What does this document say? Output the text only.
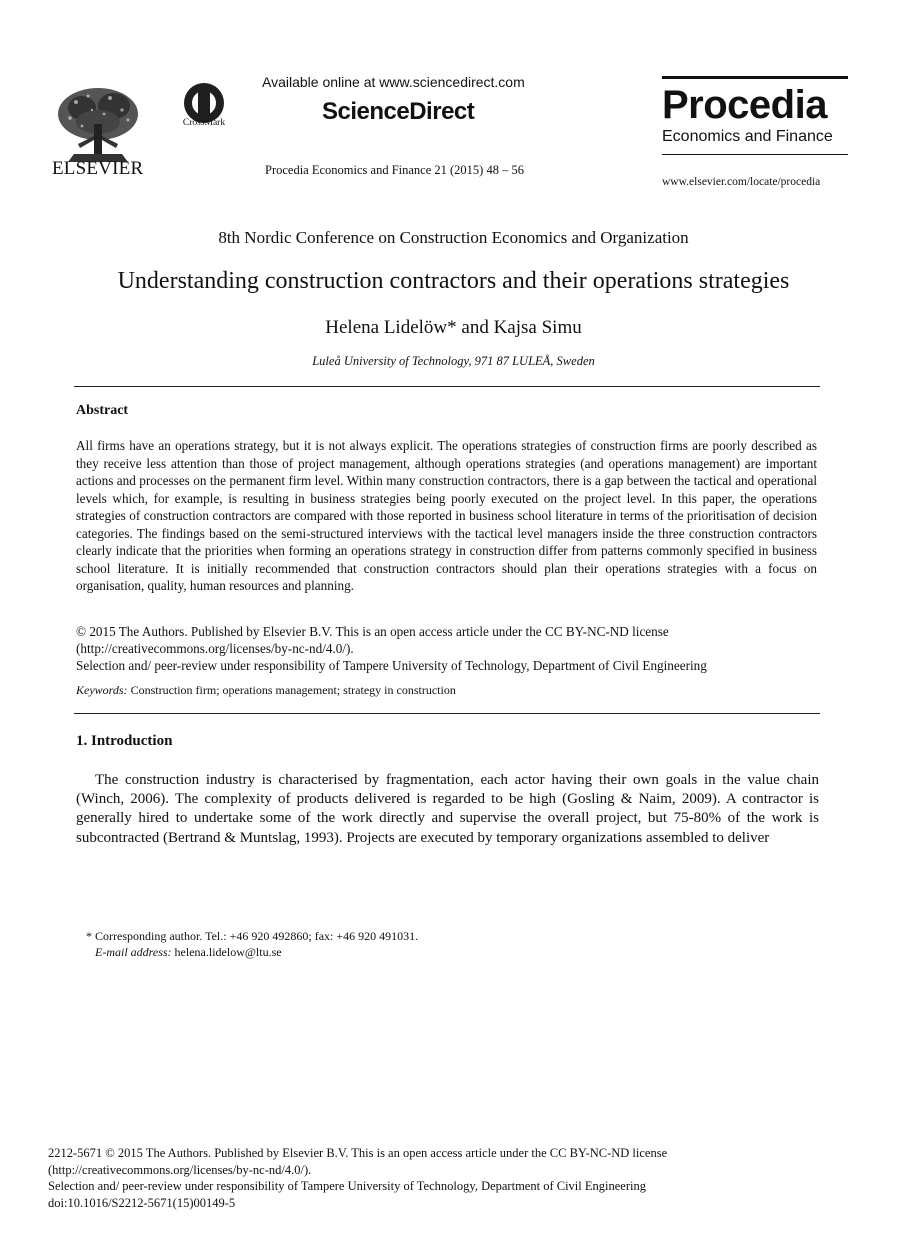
ELSEVIER
CrossMark
Available online at www.sciencedirect.com
ScienceDirect
Procedia Economics and Finance 21 (2015) 48 – 56
Procedia
Economics and Finance
www.elsevier.com/locate/procedia
8th Nordic Conference on Construction Economics and Organization
Understanding construction contractors and their operations strategies
Helena Lidelöw* and Kajsa Simu
Luleå University of Technology, 971 87 LULEÅ, Sweden
Abstract
All firms have an operations strategy, but it is not always explicit. The operations strategies of construction firms are poorly described as they receive less attention than those of project management, although operations strategies (and operations management) are important actions and processes on the permanent firm level. Within many construction contractors, there is a gap between the tactical and operational levels which, for example, is resulting in business strategies being poorly executed on the project level. In this paper, the operations strategies of construction contractors are compared with those reported in business school literature in terms of the prioritisation of decision categories. The findings based on the semi-structured interviews with the tactical level managers inside the three construction contractors clearly indicate that the priorities when forming an operations strategy in construction differ from patterns commonly specified in business school literature. It is initially recommended that construction contractors should plan their operations strategies with a focus on organisation, quality, human resources and planning.
© 2015 The Authors. Published by Elsevier B.V. This is an open access article under the CC BY-NC-ND license
(http://creativecommons.org/licenses/by-nc-nd/4.0/).
Selection and/ peer-review under responsibility of Tampere University of Technology, Department of Civil Engineering
Keywords: Construction firm; operations management; strategy in construction
1. Introduction
The construction industry is characterised by fragmentation, each actor having their own goals in the value chain (Winch, 2006). The complexity of products delivered is regarded to be high (Gosling & Naim, 2009). A contractor is generally hired to undertake some of the work directly and supervise the overall project, but 75-80% of the work is subcontracted (Bertrand & Muntslag, 1993). Projects are executed by temporary organizations assembled to deliver
* Corresponding author. Tel.: +46 920 492860; fax: +46 920 491031.
E-mail address: helena.lidelow@ltu.se
2212-5671 © 2015 The Authors. Published by Elsevier B.V. This is an open access article under the CC BY-NC-ND license
(http://creativecommons.org/licenses/by-nc-nd/4.0/).
Selection and/ peer-review under responsibility of Tampere University of Technology, Department of Civil Engineering
doi:10.1016/S2212-5671(15)00149-5
